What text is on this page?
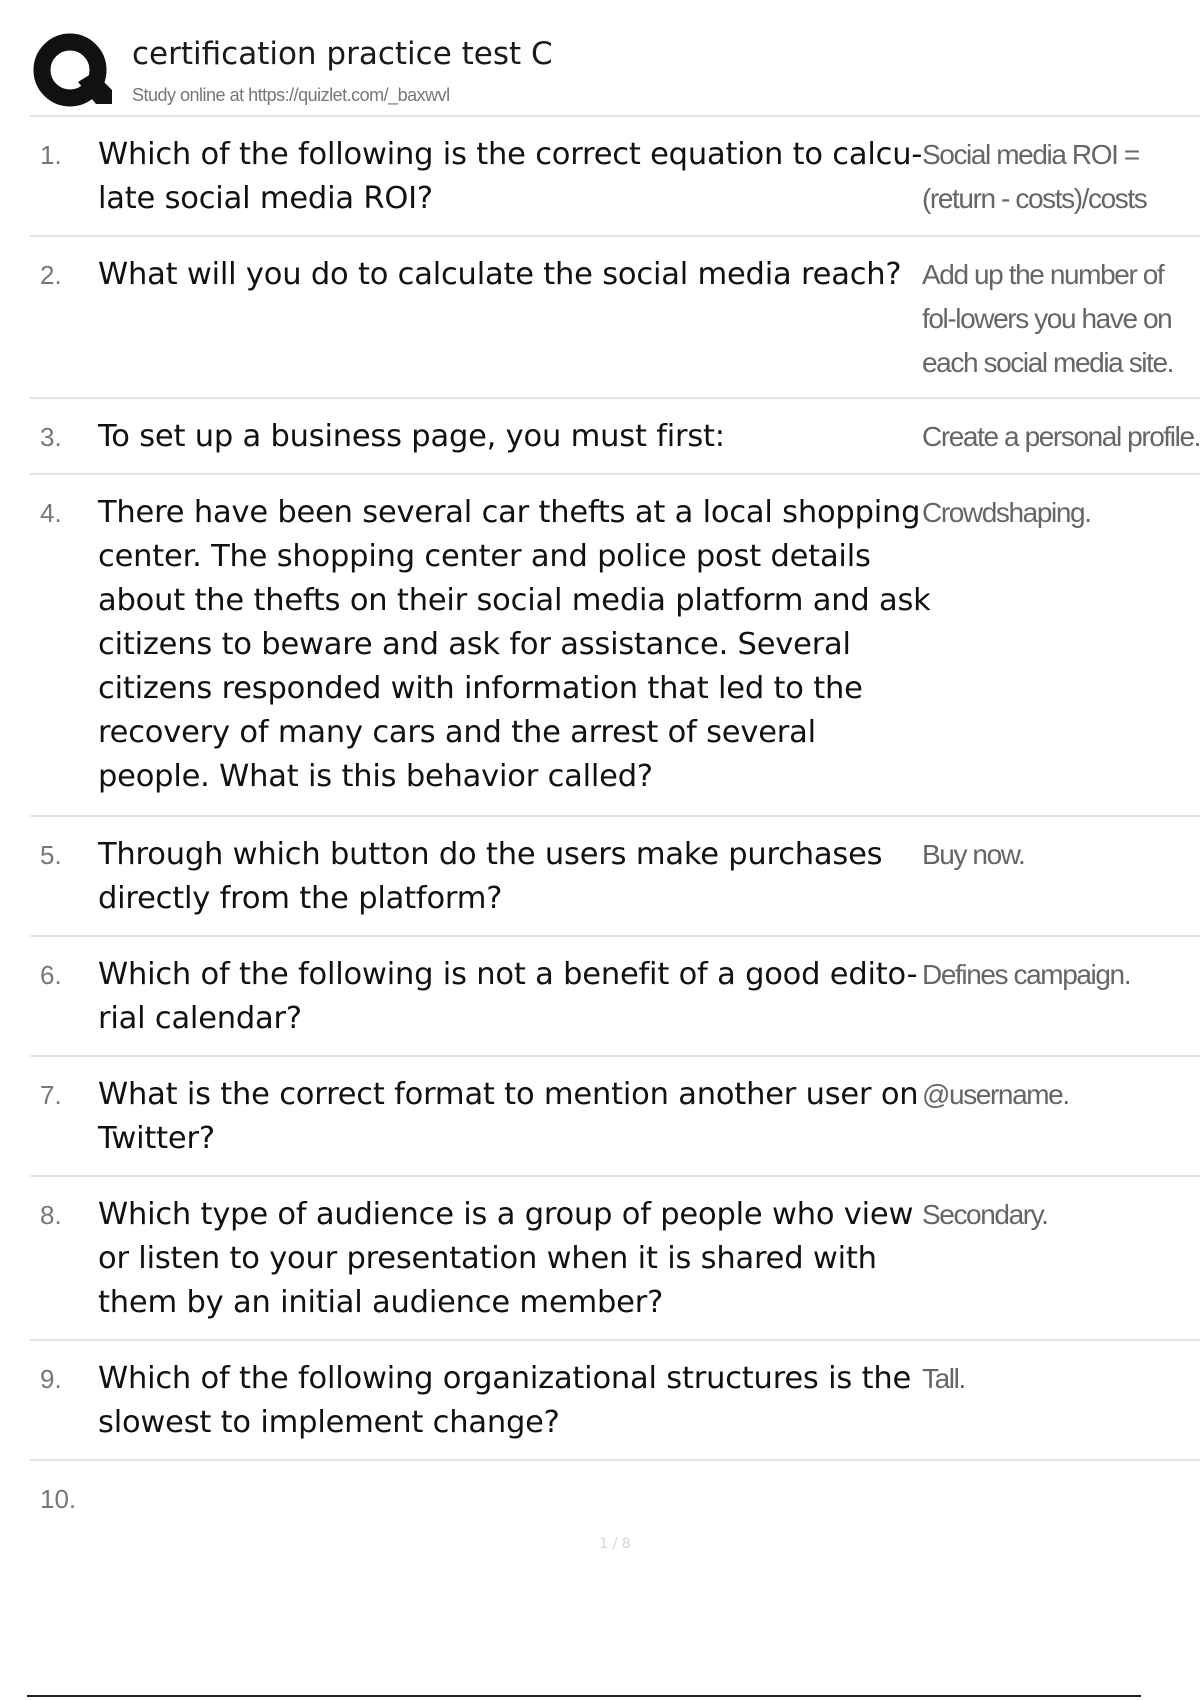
certification practice test C
Study online at https://quizlet.com/_baxwvl
1. Which of the following is the correct equation to calcu-late social media ROI?
Social media ROI = (return - costs)/costs
2. What will you do to calculate the social media reach? Add up the number of fol-lowers you have on each social media site.
3. To set up a business page, you must first:	Create a personal profile.
4. There have been several car thefts at a local shopping center. The shopping center and police post details about the thefts on their social media platform and ask citizens to beware and ask for assistance. Several citizens responded with information that led to the recovery of many cars and the arrest of several people. What is this behavior called?
Crowdshaping.
5. Through which button do the users make purchases directly from the platform?
Buy now.
6. Which of the following is not a benefit of a good edito-rial calendar?
Defines campaign.
7. What is the correct format to mention another user on Twitter?
@username.
8. Which type of audience is a group of people who view or listen to your presentation when it is shared with them by an initial audience member?
Secondary.
9. Which of the following organizational structures is the slowest to implement change?
Tall.
10.
1 / 8
